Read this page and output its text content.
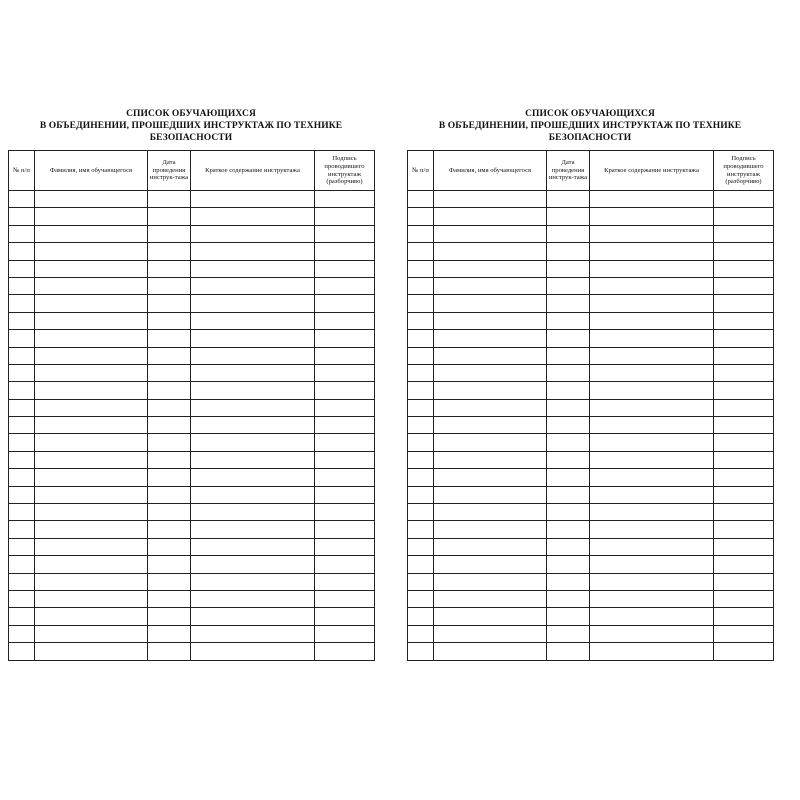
СПИСОК ОБУЧАЮЩИХСЯ
В ОБЪЕДИНЕНИИ, ПРОШЕДШИХ ИНСТРУКТАЖ ПО ТЕХНИКЕ БЕЗОПАСНОСТИ
№ п/п	Фамилия, имя обучающегося	Дата проведения инструк-тажа	Краткое содержание инструктажа	Подпись проводившего инструктаж (разборчиво)

СПИСОК ОБУЧАЮЩИХСЯ
В ОБЪЕДИНЕНИИ, ПРОШЕДШИХ ИНСТРУКТАЖ ПО ТЕХНИКЕ БЕЗОПАСНОСТИ
№ п/п	Фамилия, имя обучающегося	Дата проведения инструк-тажа	Краткое содержание инструктажа	Подпись проводившего инструктаж (разборчиво)
